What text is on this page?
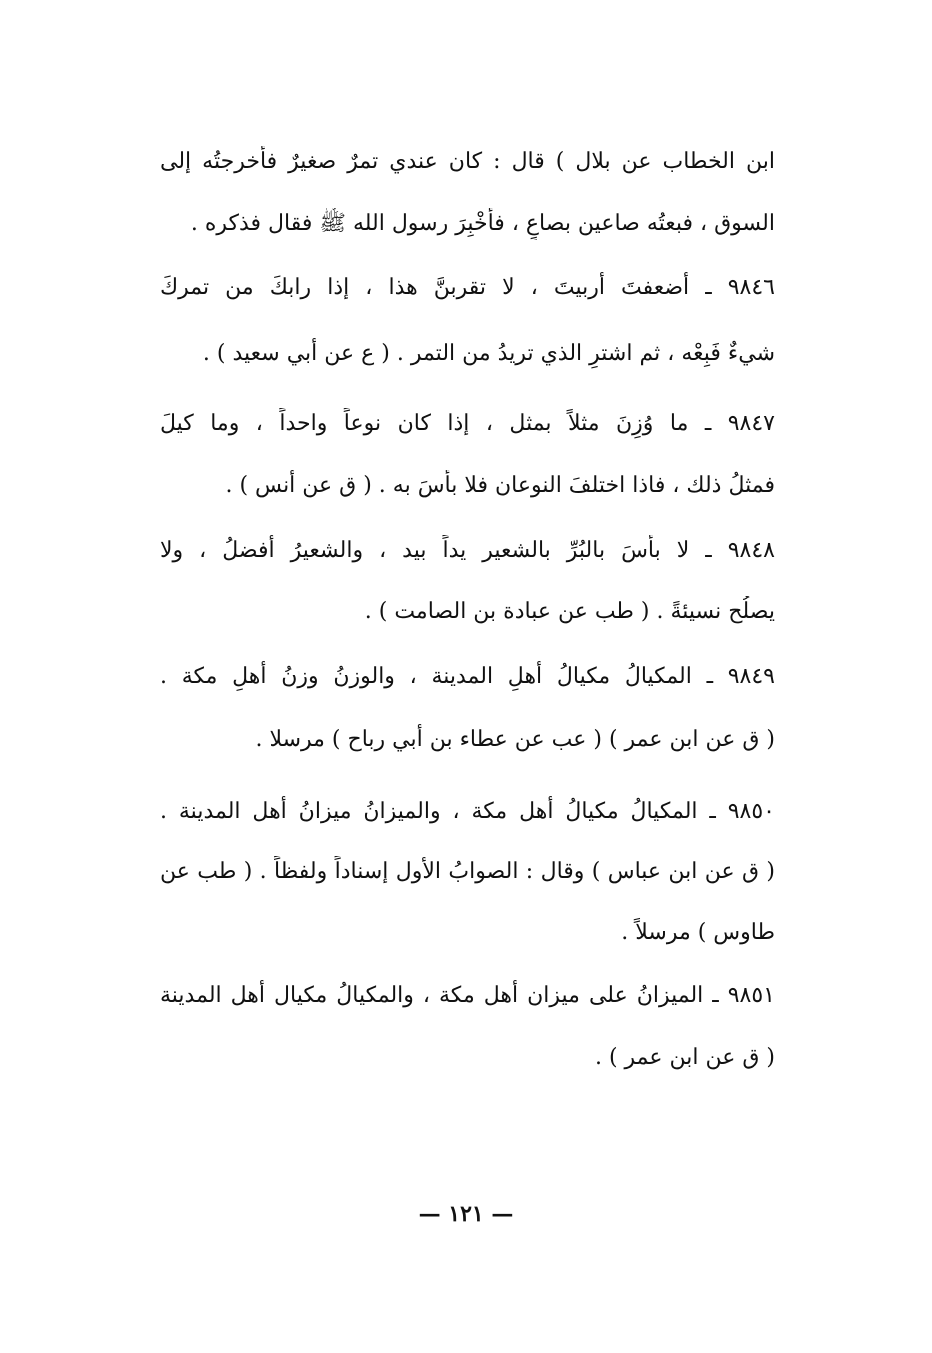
ابن الخطاب عن بلال ) قال : كان عندي تمرٌ صغيرٌ فأخرجتُه إلى
السوق ، فبعتُه صاعين بصاعٍ ، فأخْبِرَ رسول الله ﷺ فقال فذكره .
٩٨٤٦ ـ أضعفتَ أربيتَ ، لا تقربنَّ هذا ، إذا رابكَ من تمركَ
شيءٌ فَبِعْه ، ثم اشترِ الذي تريدُ من التمر . ( ع عن أبي سعيد ) .
٩٨٤٧ ـ ما وُزِنَ مثلاً بمثل ، إذا كان نوعاً واحداً ، وما كيلَ
فمثلُ ذلك ، فاذا اختلفَ النوعان فلا بأسَ به . ( ق عن أنس ) .
٩٨٤٨ ـ لا بأسَ بالبُرِّ بالشعير يداً بيد ، والشعيرُ أفضلُ ، ولا
يصلُح نسيئةً . ( طب عن عبادة بن الصامت ) .
٩٨٤٩ ـ المكيالُ مكيالُ أهلِ المدينة ، والوزنُ وزنُ أهلِ مكة .
( ق عن ابن عمر ) ( عب عن عطاء بن أبي رباح ) مرسلا .
٩٨٥٠ ـ المكيالُ مكيالُ أهل مكة ، والميزانُ ميزانُ أهل المدينة .
( ق عن ابن عباس ) وقال : الصوابُ الأول إسناداً ولفظاً . ( طب عن
طاوس ) مرسلاً .
٩٨٥١ ـ الميزانُ على ميزان أهل مكة ، والمكيالُ مكيال أهل المدينة
( ق عن ابن عمر ) .
— ١٢١ —
